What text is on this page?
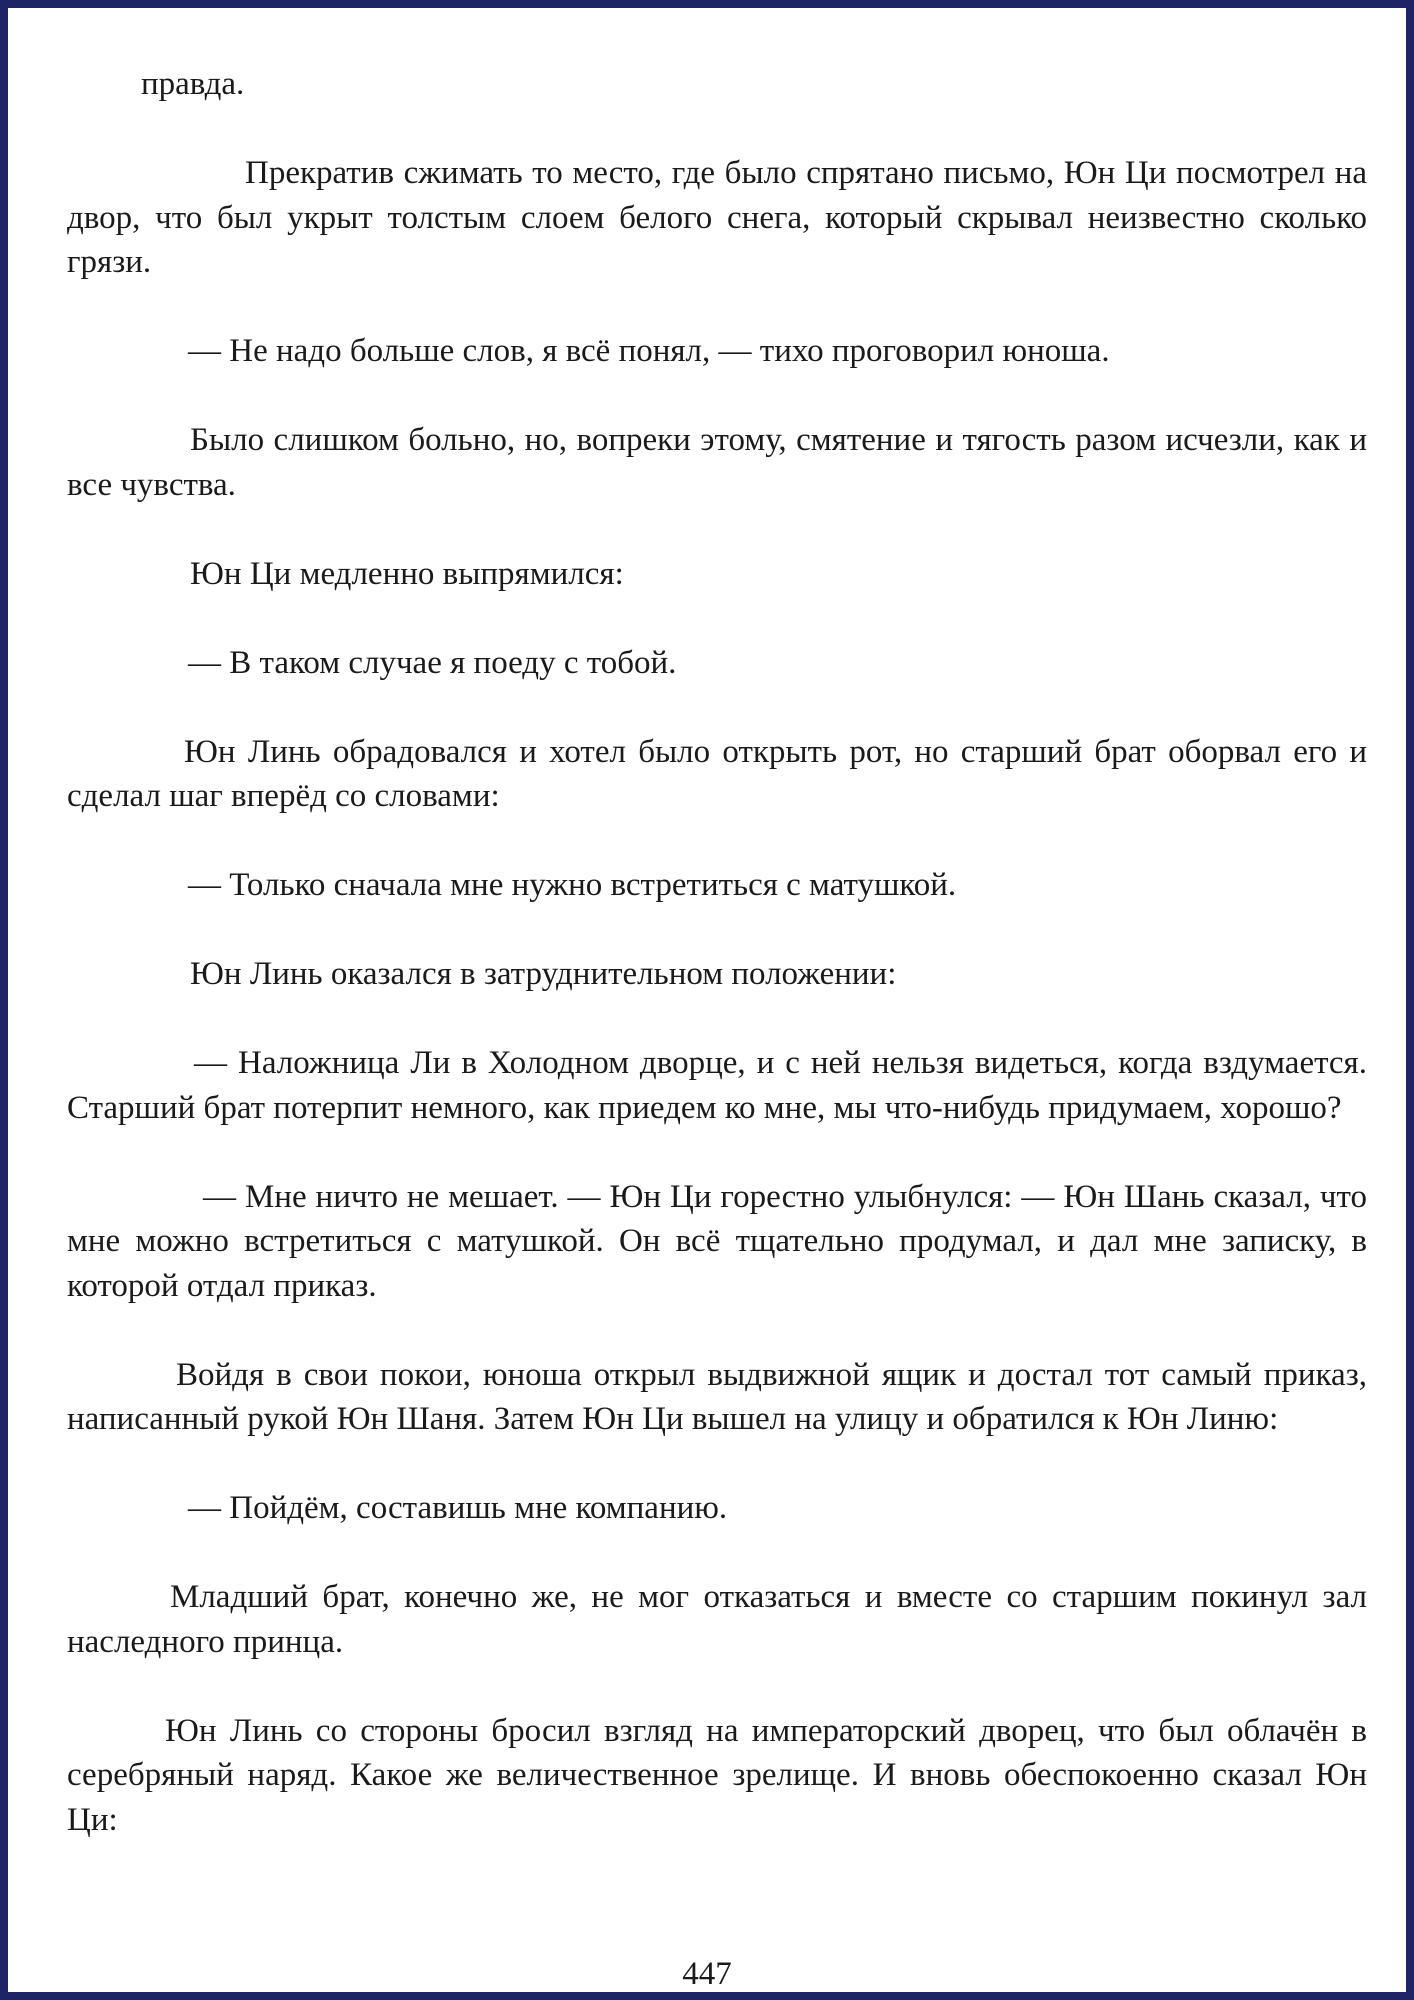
правда.

Прекратив сжимать то место, где было спрятано письмо, Юн Ци посмотрел на двор, что был укрыт толстым слоем белого снега, который скрывал неизвестно сколько грязи.

— Не надо больше слов, я всё понял, — тихо проговорил юноша.

Было слишком больно, но, вопреки этому, смятение и тягость разом исчезли, как и все чувства.

Юн Ци медленно выпрямился:

— В таком случае я поеду с тобой.

Юн Линь обрадовался и хотел было открыть рот, но старший брат оборвал его и сделал шаг вперёд со словами:

— Только сначала мне нужно встретиться с матушкой.

Юн Линь оказался в затруднительном положении:

— Наложница Ли в Холодном дворце, и с ней нельзя видеться, когда вздумается. Старший брат потерпит немного, как приедем ко мне, мы что-нибудь придумаем, хорошо?

— Мне ничто не мешает. — Юн Ци горестно улыбнулся: — Юн Шань сказал, что мне можно встретиться с матушкой. Он всё тщательно продумал, и дал мне записку, в которой отдал приказ.

Войдя в свои покои, юноша открыл выдвижной ящик и достал тот самый приказ, написанный рукой Юн Шаня. Затем Юн Ци вышел на улицу и обратился к Юн Линю:

— Пойдём, составишь мне компанию.

Младший брат, конечно же, не мог отказаться и вместе со старшим покинул зал наследного принца.

Юн Линь со стороны бросил взгляд на императорский дворец, что был облачён в серебряный наряд. Какое же величественное зрелище. И вновь обеспокоенно сказал Юн Ци:

447
